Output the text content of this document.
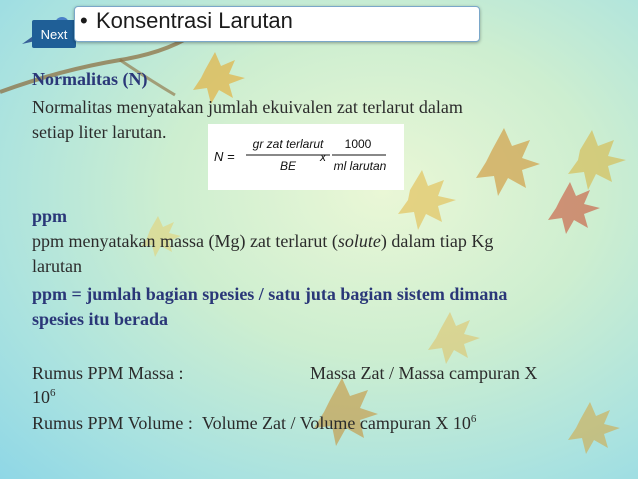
Next
• Konsentrasi Larutan
Normalitas (N)
Normalitas menyatakan jumlah ekuivalen zat terlarut dalam
setiap liter larutan.
N =
gr zat terlarut
BE
x
1000
ml larutan
ppm
ppm menyatakan massa (Mg) zat terlarut (solute) dalam tiap Kg
larutan
ppm = jumlah bagian spesies / satu juta bagian sistem dimana
spesies itu berada
Rumus PPM Massa :	Massa Zat / Massa campuran X
$10^6$
Rumus PPM Volume : Volume Zat / Volume campuran X $10^6$
